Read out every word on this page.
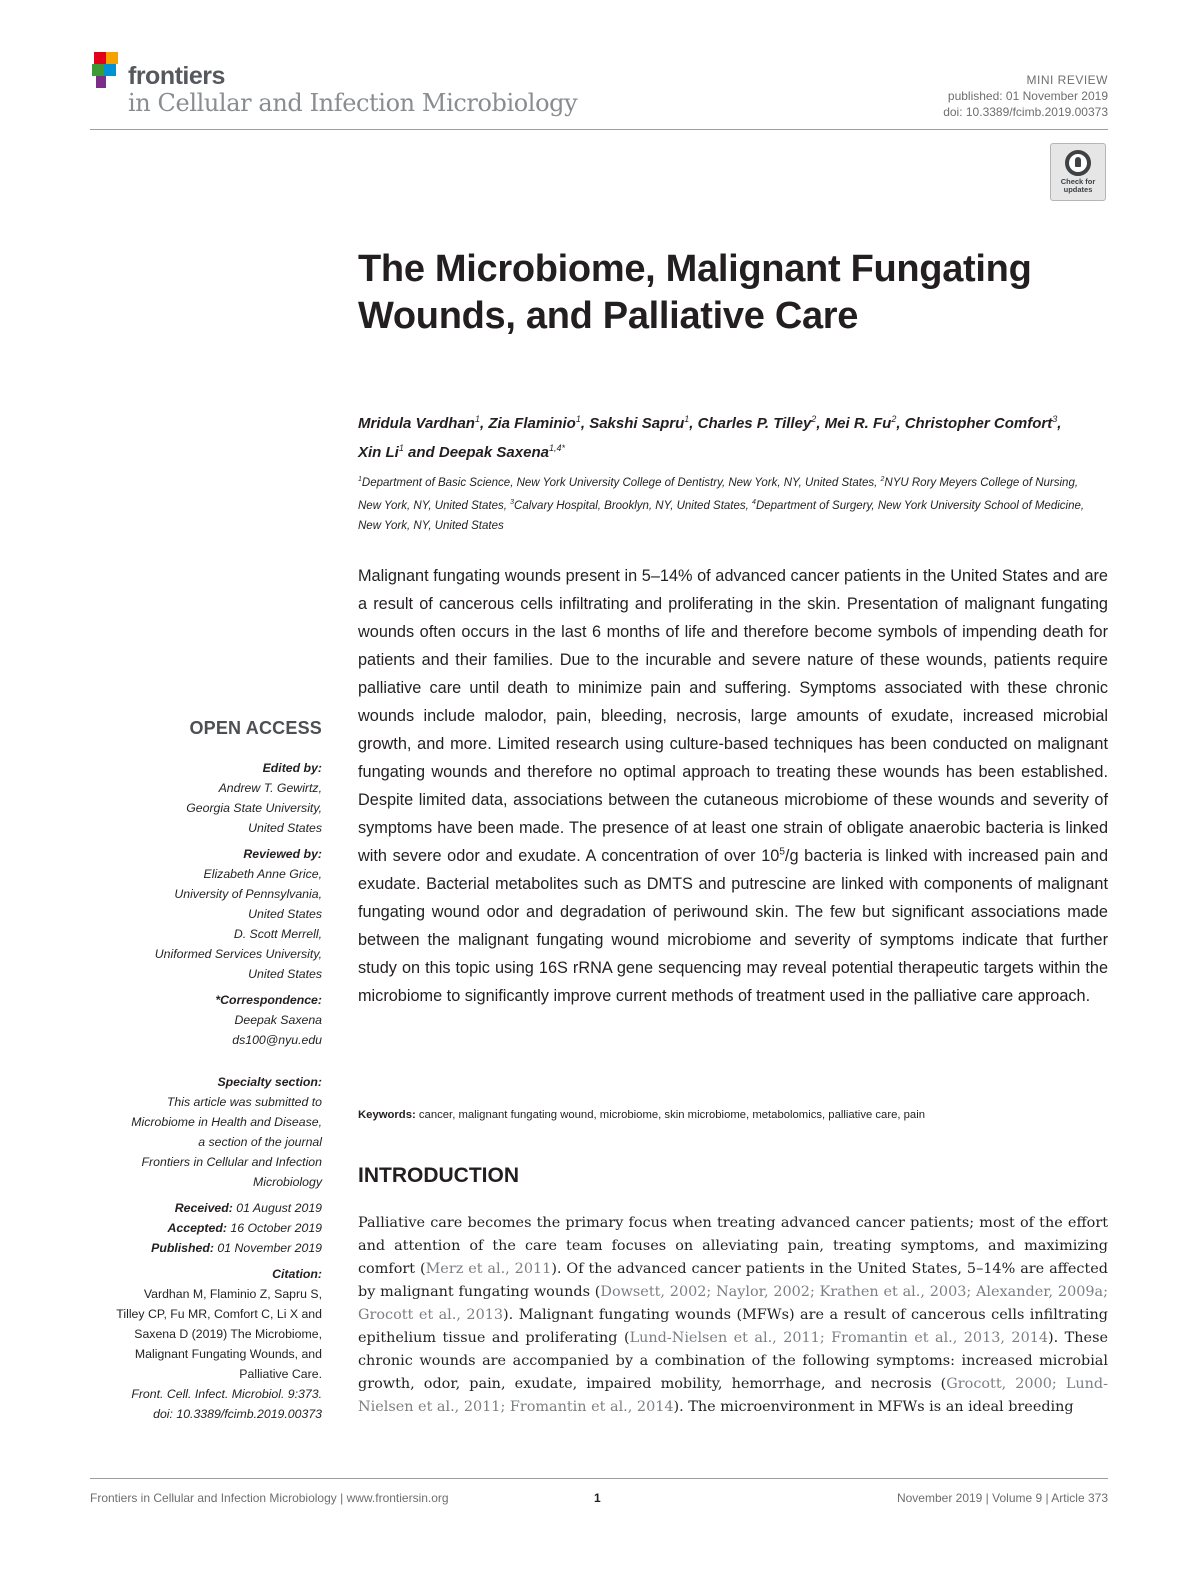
frontiers
in Cellular and Infection Microbiology
MINI REVIEW
published: 01 November 2019
doi: 10.3389/fcimb.2019.00373
Check for updates
The Microbiome, Malignant Fungating Wounds, and Palliative Care
Mridula Vardhan$^1$, Zia Flaminio$^1$, Sakshi Sapru$^1$, Charles P. Tilley$^2$, Mei R. Fu$^2$, Christopher Comfort$^3$, Xin Li$^1$ and Deepak Saxena$^{1,4*}$
$^1$Department of Basic Science, New York University College of Dentistry, New York, NY, United States, $^2$NYU Rory Meyers College of Nursing, New York, NY, United States, $^3$Calvary Hospital, Brooklyn, NY, United States, $^4$Department of Surgery, New York University School of Medicine, New York, NY, United States
OPEN ACCESS
Edited by:
Andrew T. Gewirtz,
Georgia State University,
United States
Reviewed by:
Elizabeth Anne Grice,
University of Pennsylvania,
United States
D. Scott Merrell,
Uniformed Services University,
United States
*Correspondence:
Deepak Saxena
ds100@nyu.edu
Specialty section:
This article was submitted to
Microbiome in Health and Disease,
a section of the journal
Frontiers in Cellular and Infection
Microbiology
Received: 01 August 2019
Accepted: 16 October 2019
Published: 01 November 2019
Citation:
Vardhan M, Flaminio Z, Sapru S,
Tilley CP, Fu MR, Comfort C, Li X and
Saxena D (2019) The Microbiome,
Malignant Fungating Wounds, and
Palliative Care.
Front. Cell. Infect. Microbiol. 9:373.
doi: 10.3389/fcimb.2019.00373

Malignant fungating wounds present in 5–14% of advanced cancer patients in the United States and are a result of cancerous cells infiltrating and proliferating in the skin. Presentation of malignant fungating wounds often occurs in the last 6 months of life and therefore become symbols of impending death for patients and their families. Due to the incurable and severe nature of these wounds, patients require palliative care until death to minimize pain and suffering. Symptoms associated with these chronic wounds include malodor, pain, bleeding, necrosis, large amounts of exudate, increased microbial growth, and more. Limited research using culture-based techniques has been conducted on malignant fungating wounds and therefore no optimal approach to treating these wounds has been established. Despite limited data, associations between the cutaneous microbiome of these wounds and severity of symptoms have been made. The presence of at least one strain of obligate anaerobic bacteria is linked with severe odor and exudate. A concentration of over $10^5/g$ bacteria is linked with increased pain and exudate. Bacterial metabolites such as DMTS and putrescine are linked with components of malignant fungating wound odor and degradation of periwound skin. The few but significant associations made between the malignant fungating wound microbiome and severity of symptoms indicate that further study on this topic using 16S rRNA gene sequencing may reveal potential therapeutic targets within the microbiome to significantly improve current methods of treatment used in the palliative care approach.

Keywords: cancer, malignant fungating wound, microbiome, skin microbiome, metabolomics, palliative care, pain
INTRODUCTION

Palliative care becomes the primary focus when treating advanced cancer patients; most of the effort and attention of the care team focuses on alleviating pain, treating symptoms, and maximizing comfort (Merz et al., 2011). Of the advanced cancer patients in the United States, 5–14% are affected by malignant fungating wounds (Dowsett, 2002; Naylor, 2002; Krathen et al., 2003; Alexander, 2009a; Grocott et al., 2013). Malignant fungating wounds (MFWs) are a result of cancerous cells infiltrating epithelium tissue and proliferating (Lund-Nielsen et al., 2011; Fromantin et al., 2013, 2014). These chronic wounds are accompanied by a combination of the following symptoms: increased microbial growth, odor, pain, exudate, impaired mobility, hemorrhage, and necrosis (Grocott, 2000; Lund-Nielsen et al., 2011; Fromantin et al., 2014). The microenvironment in MFWs is an ideal breeding

Frontiers in Cellular and Infection Microbiology | www.frontiersin.org	1	November 2019 | Volume 9 | Article 373
